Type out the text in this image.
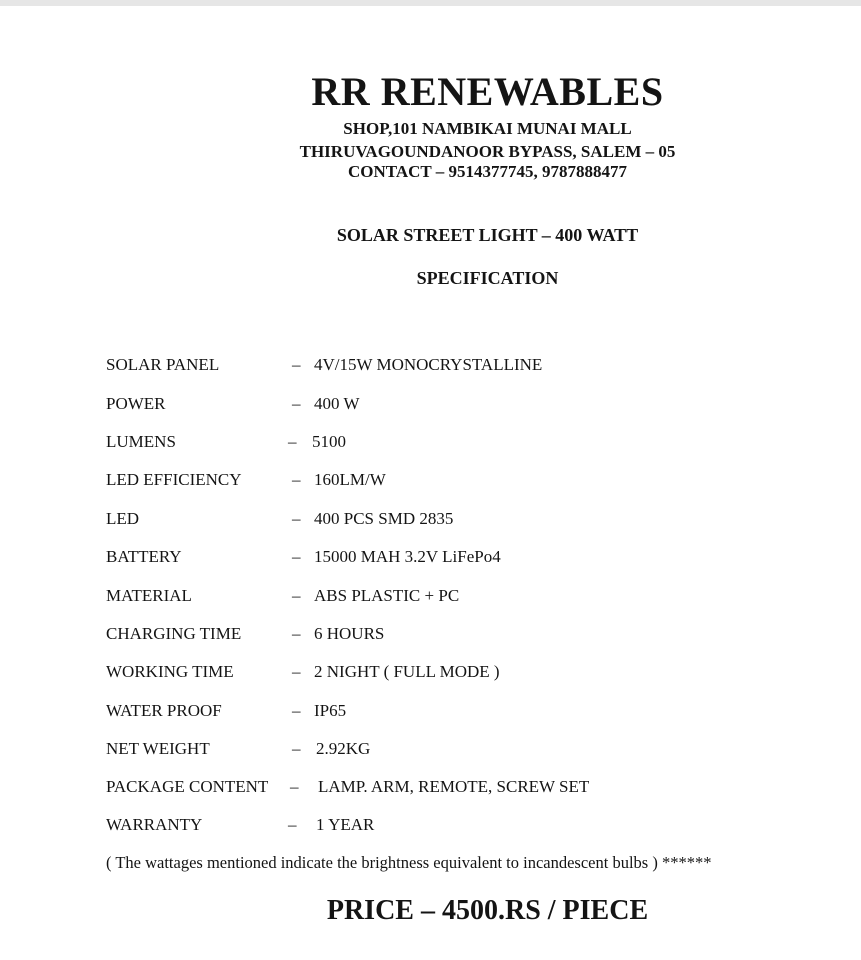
RR RENEWABLES
SHOP,101 NAMBIKAI MUNAI MALL
THIRUVAGOUNDANOOR BYPASS, SALEM – 05
CONTACT – 9514377745, 9787888477
SOLAR STREET LIGHT – 400 WATT
SPECIFICATION
SOLAR PANEL	– 4V/15W MONOCRYSTALLINE
POWER	– 400 W
LUMENS	– 5100
LED EFFICIENCY	– 160LM/W
LED	– 400 PCS SMD 2835
BATTERY	– 15000 MAH 3.2V LiFePo4
MATERIAL	– ABS PLASTIC + PC
CHARGING TIME	– 6 HOURS
WORKING TIME	– 2 NIGHT ( FULL MODE )
WATER PROOF	– IP65
NET WEIGHT	– 2.92KG
PACKAGE CONTENT – LAMP. ARM, REMOTE, SCREW SET
WARRANTY	– 1 YEAR
( The wattages mentioned indicate the brightness equivalent to incandescent bulbs ) ******
PRICE – 4500.RS / PIECE
